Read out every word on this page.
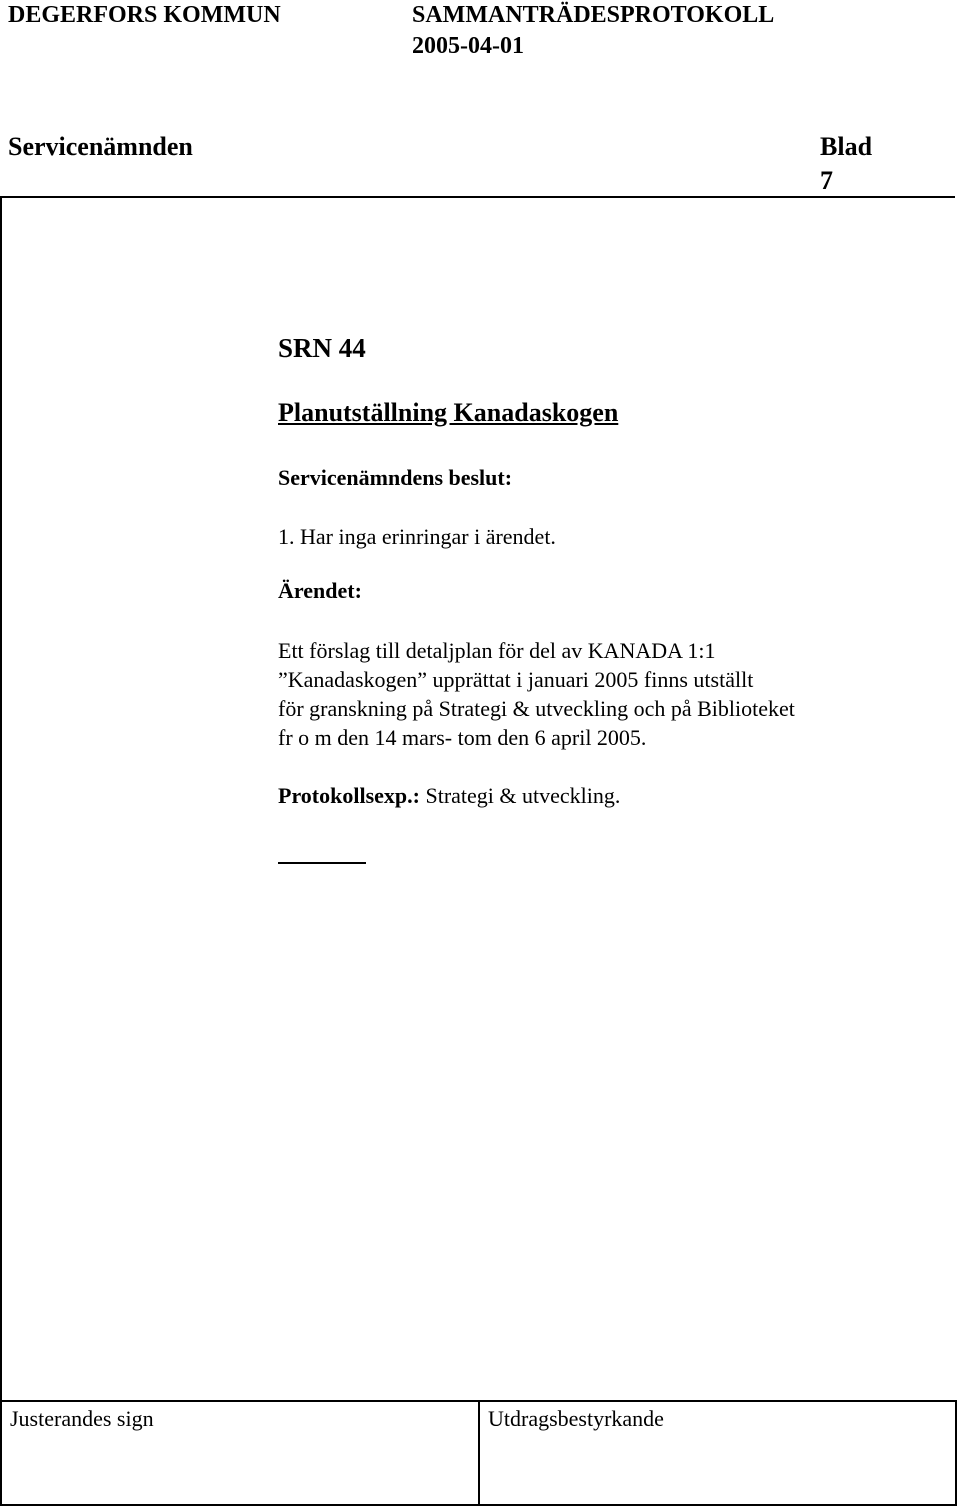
DEGERFORS KOMMUN	SAMMANTRÄDESPROTOKOLL
2005-04-01
Servicenämnden	Blad
7
SRN 44
Planutställning Kanadaskogen
Servicenämndens beslut:
1. Har inga erinringar i ärendet.
Ärendet:
Ett förslag till detaljplan för del av KANADA 1:1
”Kanadaskogen” upprättat i januari 2005 finns utställt
för granskning på Strategi & utveckling och på Biblioteket
fr o m den 14 mars- tom den 6 april 2005.
Protokollsexp.: Strategi & utveckling.
Justerandes sign	Utdragsbestyrkande
